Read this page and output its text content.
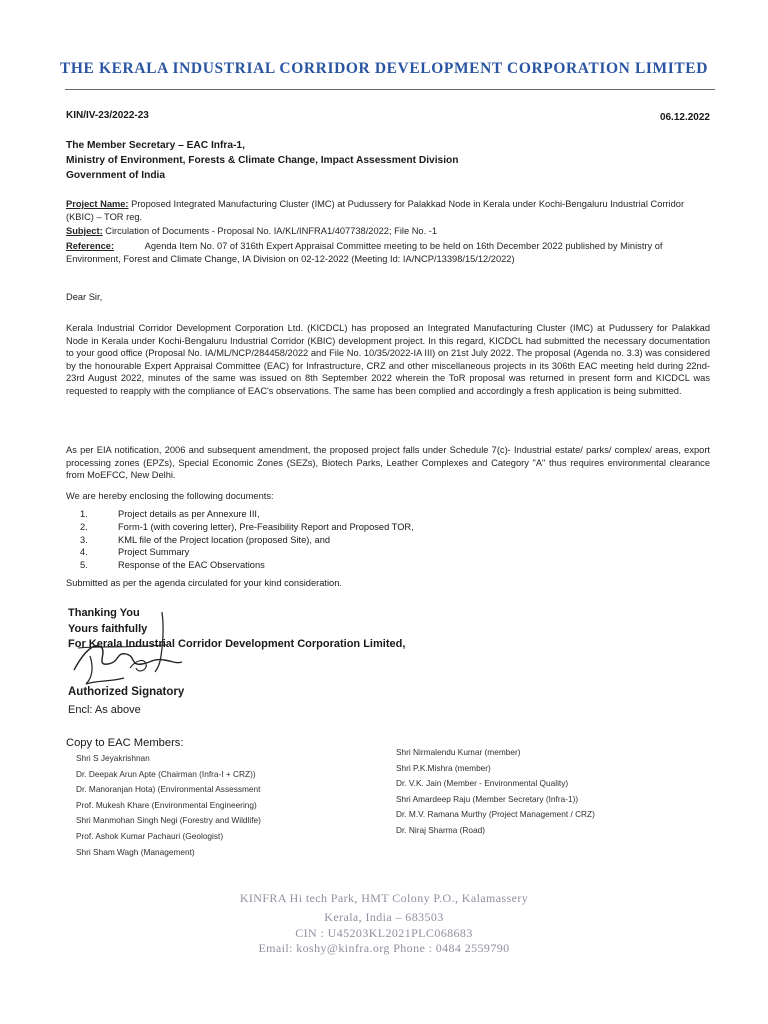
THE KERALA INDUSTRIAL CORRIDOR DEVELOPMENT CORPORATION LIMITED
KIN/IV-23/2022-23	06.12.2022
The Member Secretary – EAC Infra-1,
Ministry of Environment, Forests & Climate Change, Impact Assessment Division
Government of India
Project Name: Proposed Integrated Manufacturing Cluster (IMC) at Pudussery for Palakkad Node in Kerala under Kochi-Bengaluru Industrial Corridor (KBIC) – TOR reg.
Subject: Circulation of Documents - Proposal No. IA/KL/INFRA1/407738/2022; File No. -1
Reference:	Agenda Item No. 07 of 316th Expert Appraisal Committee meeting to be held on 16th December 2022 published by Ministry of Environment, Forest and Climate Change, IA Division on 02-12-2022 (Meeting Id: IA/NCP/13398/15/12/2022)
Dear Sir,
Kerala Industrial Corridor Development Corporation Ltd. (KICDCL) has proposed an Integrated Manufacturing Cluster (IMC) at Pudussery for Palakkad Node in Kerala under Kochi-Bengaluru Industrial Corridor (KBIC) development project. In this regard, KICDCL had submitted the necessary documentation to your good office (Proposal No. IA/ML/NCP/284458/2022 and File No. 10/35/2022-IA III) on 21st July 2022. The proposal (Agenda no. 3.3) was considered by the honourable Expert Appraisal Committee (EAC) for Infrastructure, CRZ and other miscellaneous projects in its 306th EAC meeting held during 22nd- 23rd August 2022, minutes of the same was issued on 8th September 2022 wherein the ToR proposal was returned in present form and KICDCL was requested to reapply with the compliance of EAC's observations. The same has been complied and accordingly a fresh application is being submitted.
As per EIA notification, 2006 and subsequent amendment, the proposed project falls under Schedule 7(c)- Industrial estate/ parks/ complex/ areas, export processing zones (EPZs), Special Economic Zones (SEZs), Biotech Parks, Leather Complexes and Category "A" thus requires environmental clearance from MoEFCC, New Delhi.
We are hereby enclosing the following documents:
1.	Project details as per Annexure III,
2.	Form-1 (with covering letter), Pre-Feasibility Report and Proposed TOR,
3.	KML file of the Project location (proposed Site), and
4.	Project Summary
5.	Response of the EAC Observations
Submitted as per the agenda circulated for your kind consideration.
Thanking You
Yours faithfully
For Kerala Industrial Corridor Development Corporation Limited,
Authorized Signatory
Encl: As above
Copy to EAC Members:
Shri S Jeyakrishnan
Dr. Deepak Arun Apte (Chairman (Infra-I + CRZ))
Dr. Manoranjan Hota) (Environmental Assessment
Prof. Mukesh Khare (Environmental Engineering)
Shri Manmohan Singh Negi (Forestry and Wildlife)
Prof. Ashok Kumar Pachauri (Geologist)
Shri Sham Wagh (Management)
Shri Nirmalendu Kumar (member)
Shri P.K.Mishra (member)
Dr. V.K. Jain (Member - Environmental Quality)
Shri Amardeep Raju (Member Secretary (Infra-1))
Dr. M.V. Ramana Murthy (Project Management / CRZ)
Dr. Niraj Sharma (Road)
KINFRA Hi tech Park, HMT Colony P.O., Kalamassery
Kerala, India – 683503
CIN : U45203KL2021PLC068683
Email: koshy@kinfra.org Phone : 0484 2559790
